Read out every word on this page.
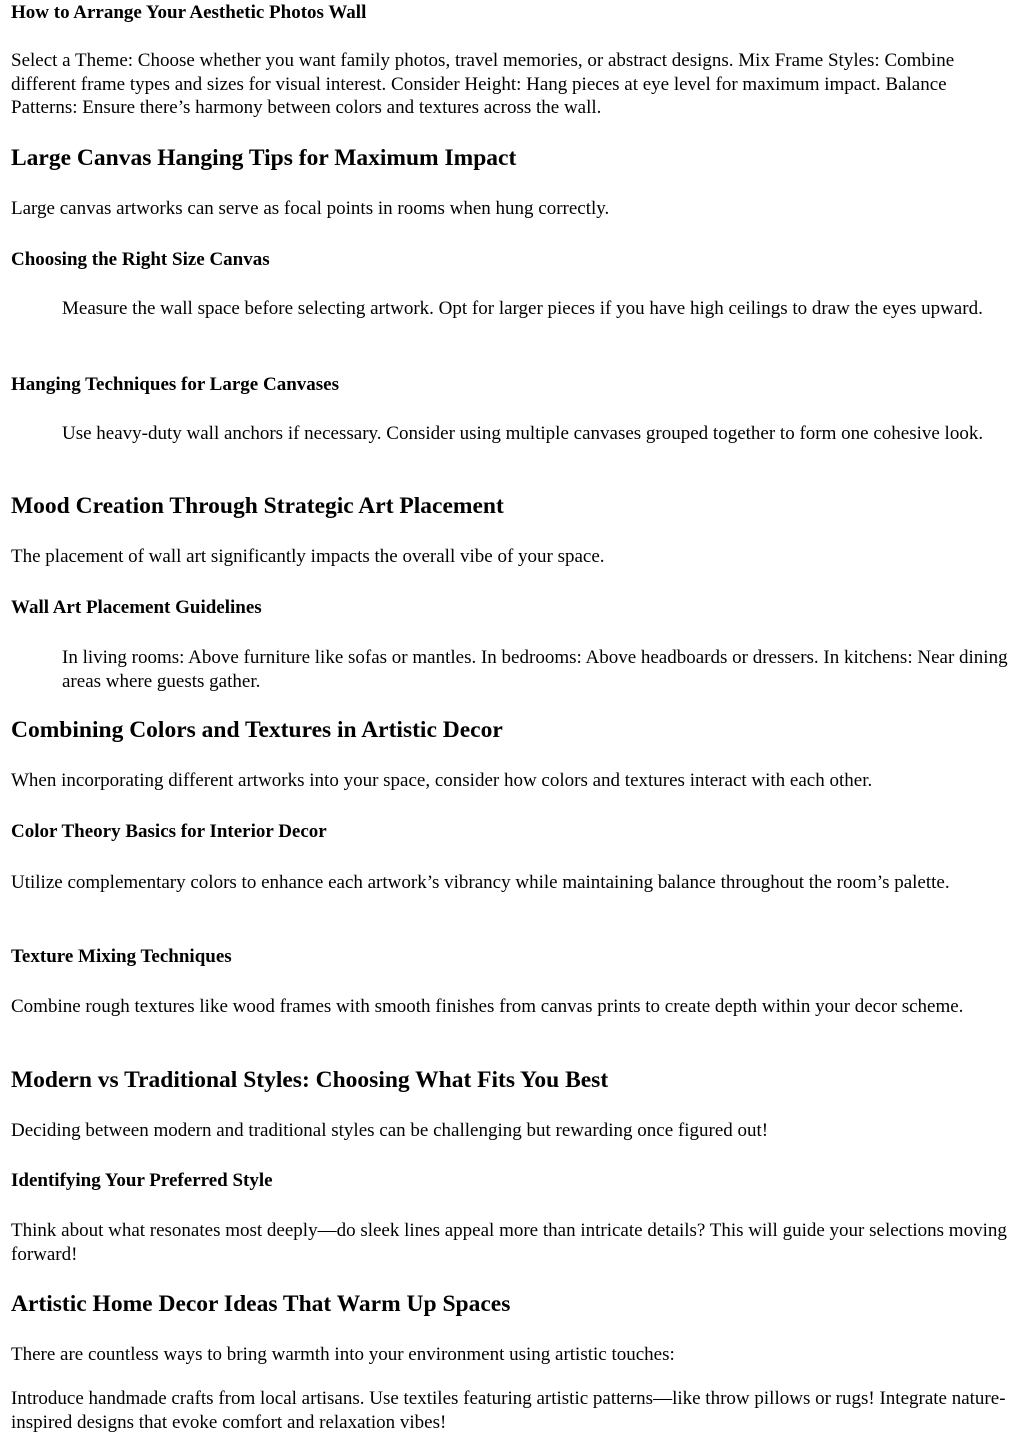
How to Arrange Your Aesthetic Photos Wall

Select a Theme: Choose whether you want family photos, travel memories, or abstract designs. Mix Frame Styles: Combine different frame types and sizes for visual interest. Consider Height: Hang pieces at eye level for maximum impact. Balance Patterns: Ensure there’s harmony between colors and textures across the wall.

Large Canvas Hanging Tips for Maximum Impact

Large canvas artworks can serve as focal points in rooms when hung correctly.

Choosing the Right Size Canvas
Measure the wall space before selecting artwork. Opt for larger pieces if you have high ceilings to draw the eyes upward.
Hanging Techniques for Large Canvases
Use heavy-duty wall anchors if necessary. Consider using multiple canvases grouped together to form one cohesive look.
Mood Creation Through Strategic Art Placement

The placement of wall art significantly impacts the overall vibe of your space.

Wall Art Placement Guidelines
In living rooms: Above furniture like sofas or mantles. In bedrooms: Above headboards or dressers. In kitchens: Near dining areas where guests gather.
Combining Colors and Textures in Artistic Decor

When incorporating different artworks into your space, consider how colors and textures interact with each other.

Color Theory Basics for Interior Decor

Utilize complementary colors to enhance each artwork’s vibrancy while maintaining balance throughout the room’s palette.

Texture Mixing Techniques

Combine rough textures like wood frames with smooth finishes from canvas prints to create depth within your decor scheme.

Modern vs Traditional Styles: Choosing What Fits You Best

Deciding between modern and traditional styles can be challenging but rewarding once figured out!

Identifying Your Preferred Style

Think about what resonates most deeply—do sleek lines appeal more than intricate details? This will guide your selections moving forward!

Artistic Home Decor Ideas That Warm Up Spaces

There are countless ways to bring warmth into your environment using artistic touches:

Introduce handmade crafts from local artisans. Use textiles featuring artistic patterns—like throw pillows or rugs! Integrate nature-inspired designs that evoke comfort and relaxation vibes!
